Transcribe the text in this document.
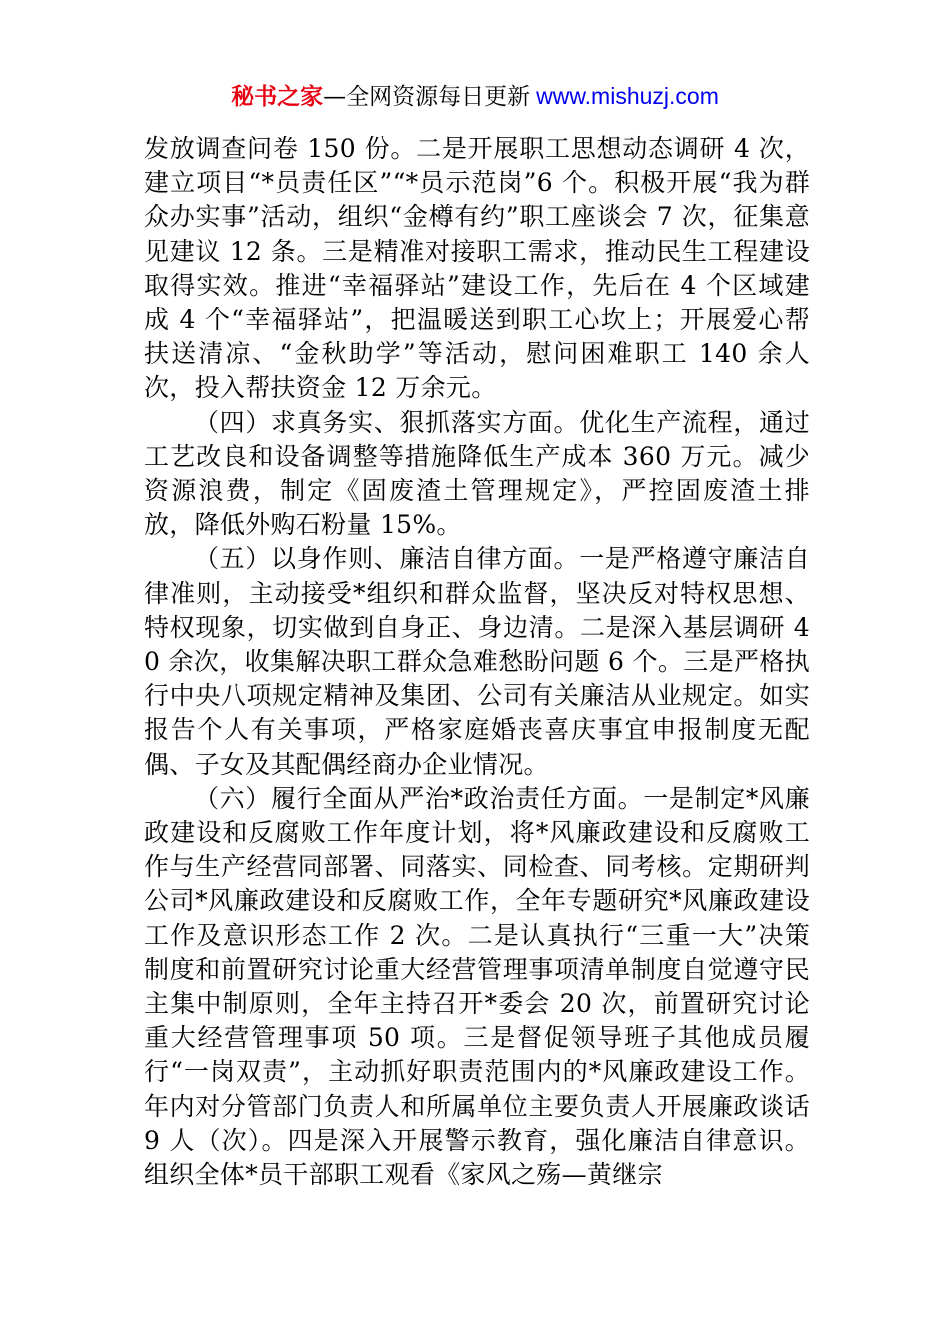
秘书之家—全网资源每日更新 www.mishuzj.com

发放调查问卷 150 份。二是开展职工思想动态调研 4 次，建立项目“*员责任区”“*员示范岗”6 个。积极开展“我为群众办实事”活动，组织“金樽有约”职工座谈会 7 次，征集意见建议 12 条。三是精准对接职工需求，推动民生工程建设取得实效。推进“幸福驿站”建设工作，先后在 4 个区域建成 4 个“幸福驿站”，把温暖送到职工心坎上；开展爱心帮扶送清凉、“金秋助学”等活动，慰问困难职工 140 余人次，投入帮扶资金 12 万余元。

（四）求真务实、狠抓落实方面。优化生产流程，通过工艺改良和设备调整等措施降低生产成本 360 万元。减少资源浪费，制定《固废渣土管理规定》，严控固废渣土排放，降低外购石粉量 15%。

（五）以身作则、廉洁自律方面。一是严格遵守廉洁自律准则，主动接受*组织和群众监督，坚决反对特权思想、特权现象，切实做到自身正、身边清。二是深入基层调研 40 余次，收集解决职工群众急难愁盼问题 6 个。三是严格执行中央八项规定精神及集团、公司有关廉洁从业规定。如实报告个人有关事项，严格家庭婚丧喜庆事宜申报制度无配偶、子女及其配偶经商办企业情况。

（六）履行全面从严治*政治责任方面。一是制定*风廉政建设和反腐败工作年度计划，将*风廉政建设和反腐败工作与生产经营同部署、同落实、同检查、同考核。定期研判公司*风廉政建设和反腐败工作，全年专题研究*风廉政建设工作及意识形态工作 2 次。二是认真执行“三重一大”决策制度和前置研究讨论重大经营管理事项清单制度自觉遵守民主集中制原则，全年主持召开*委会 20 次，前置研究讨论重大经营管理事项 50 项。三是督促领导班子其他成员履行“一岗双责”，主动抓好职责范围内的*风廉政建设工作。年内对分管部门负责人和所属单位主要负责人开展廉政谈话 9 人（次）。四是深入开展警示教育，强化廉洁自律意识。组织全体*员干部职工观看《家风之殇—黄继宗
